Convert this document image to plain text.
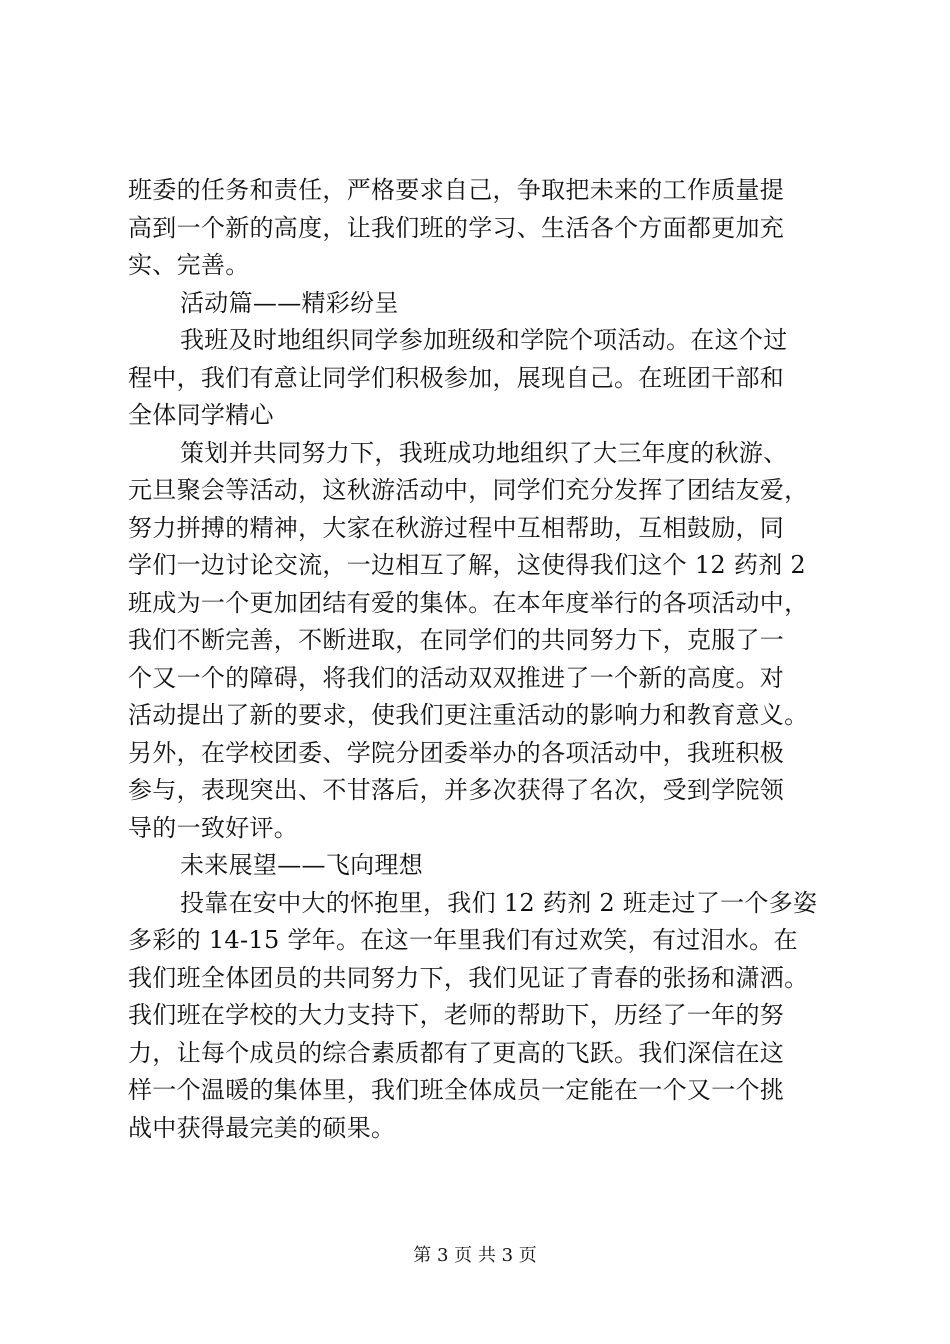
班委的任务和责任，严格要求自己，争取把未来的工作质量提
高到一个新的高度，让我们班的学习、生活各个方面都更加充
实、完善。
活动篇——精彩纷呈
我班及时地组织同学参加班级和学院个项活动。在这个过
程中，我们有意让同学们积极参加，展现自己。在班团干部和
全体同学精心
策划并共同努力下，我班成功地组织了大三年度的秋游、
元旦聚会等活动，这秋游活动中，同学们充分发挥了团结友爱，
努力拼搏的精神，大家在秋游过程中互相帮助，互相鼓励，同
学们一边讨论交流，一边相互了解，这使得我们这个 12 药剂 2
班成为一个更加团结有爱的集体。在本年度举行的各项活动中，
我们不断完善，不断进取，在同学们的共同努力下，克服了一
个又一个的障碍，将我们的活动双双推进了一个新的高度。对
活动提出了新的要求，使我们更注重活动的影响力和教育意义。
另外，在学校团委、学院分团委举办的各项活动中，我班积极
参与，表现突出、不甘落后，并多次获得了名次，受到学院领
导的一致好评。
未来展望——飞向理想
投靠在安中大的怀抱里，我们 12 药剂 2 班走过了一个多姿
多彩的 14-15 学年。在这一年里我们有过欢笑，有过泪水。在
我们班全体团员的共同努力下，我们见证了青春的张扬和潇洒。
我们班在学校的大力支持下，老师的帮助下，历经了一年的努
力，让每个成员的综合素质都有了更高的飞跃。我们深信在这
样一个温暖的集体里，我们班全体成员一定能在一个又一个挑
战中获得最完美的硕果。
第 3 页 共 3 页
